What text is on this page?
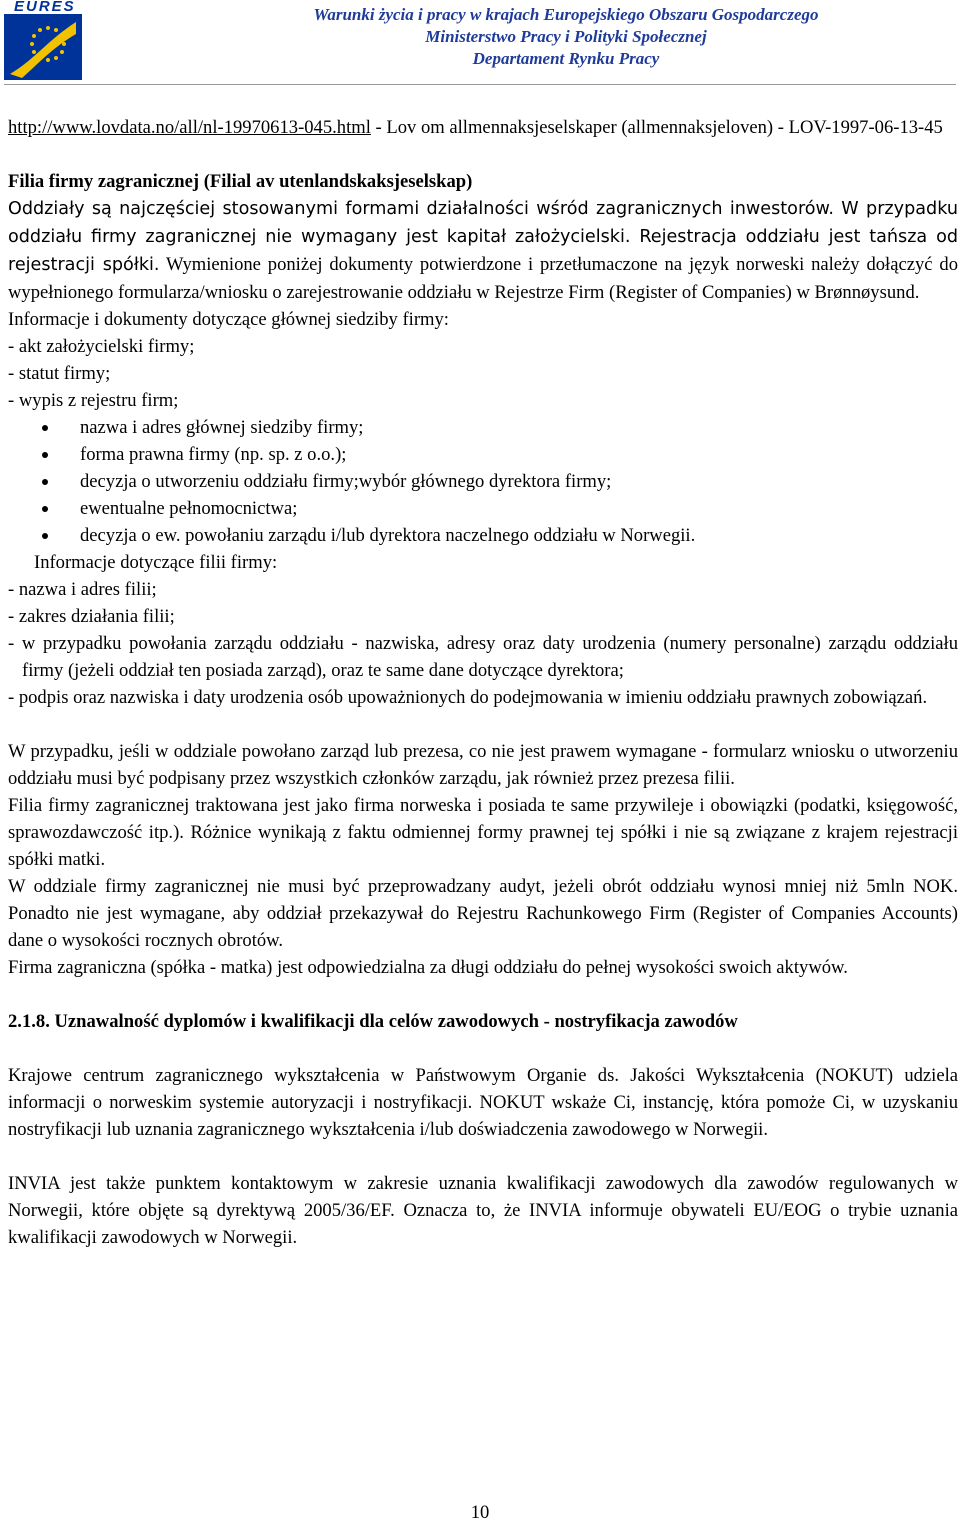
EURES	Warunki życia i pracy w krajach Europejskiego Obszaru Gospodarczego
Ministerstwo Pracy i Polityki Społecznej
Departament Rynku Pracy

http://www.lovdata.no/all/nl-19970613-045.html - Lov om allmennaksjeselskaper (allmennaksjeloven) - LOV-1997-06-13-45

Filia firmy zagranicznej (Filial av utenlandskaksjeselskap)

Oddziały są najczęściej stosowanymi formami działalności wśród zagranicznych inwestorów. W przypadku oddziału firmy zagranicznej nie wymagany jest kapitał założycielski. Rejestracja oddziału jest tańsza od rejestracji spółki. Wymienione poniżej dokumenty potwierdzone i przetłumaczone na język norweski należy dołączyć do wypełnionego formularza/wniosku o zarejestrowanie oddziału w Rejestrze Firm (Register of Companies) w Brønnøysund.

Informacje i dokumenty dotyczące głównej siedziby firmy:

- akt założycielski firmy;

- statut firmy;

- wypis z rejestru firm;

nazwa i adres głównej siedziby firmy;
forma prawna firmy (np. sp. z o.o.);
decyzja o utworzeniu oddziału firmy;wybór głównego dyrektora firmy;
ewentualne pełnomocnictwa;
decyzja o ew. powołaniu zarządu i/lub dyrektora naczelnego oddziału w Norwegii.

Informacje dotyczące filii firmy:

- nazwa i adres filii;

- zakres działania filii;

- w przypadku powołania zarządu oddziału - nazwiska, adresy oraz daty urodzenia (numery personalne) zarządu oddziału firmy (jeżeli oddział ten posiada zarząd), oraz te same dane dotyczące dyrektora;

- podpis oraz nazwiska i daty urodzenia osób upoważnionych do podejmowania w imieniu oddziału prawnych zobowiązań.

W przypadku, jeśli w oddziale powołano zarząd lub prezesa, co nie jest prawem wymagane - formularz wniosku o utworzeniu oddziału musi być podpisany przez wszystkich członków zarządu, jak również przez prezesa filii.

Filia firmy zagranicznej traktowana jest jako firma norweska i posiada te same przywileje i obowiązki (podatki, księgowość, sprawozdawczość itp.). Różnice wynikają z faktu odmiennej formy prawnej tej spółki i nie są związane z krajem rejestracji spółki matki.

W oddziale firmy zagranicznej nie musi być przeprowadzany audyt, jeżeli obrót oddziału wynosi mniej niż 5mln NOK. Ponadto nie jest wymagane, aby oddział przekazywał do Rejestru Rachunkowego Firm (Register of Companies Accounts) dane o wysokości rocznych obrotów.

Firma zagraniczna (spółka - matka) jest odpowiedzialna za długi oddziału do pełnej wysokości swoich aktywów.

2.1.8. Uznawalność dyplomów i kwalifikacji dla celów zawodowych - nostryfikacja zawodów

Krajowe centrum zagranicznego wykształcenia w Państwowym Organie ds. Jakości Wykształcenia (NOKUT) udziela informacji o norweskim systemie autoryzacji i nostryfikacji. NOKUT wskaże Ci, instancję, która pomoże Ci, w uzyskaniu nostryfikacji lub uznania zagranicznego wykształcenia i/lub doświadczenia zawodowego w Norwegii.

INVIA jest także punktem kontaktowym w zakresie uznania kwalifikacji zawodowych dla zawodów regulowanych w Norwegii, które objęte są dyrektywą 2005/36/EF. Oznacza to, że INVIA informuje obywateli EU/EOG o trybie uznania kwalifikacji zawodowych w Norwegii.

10
